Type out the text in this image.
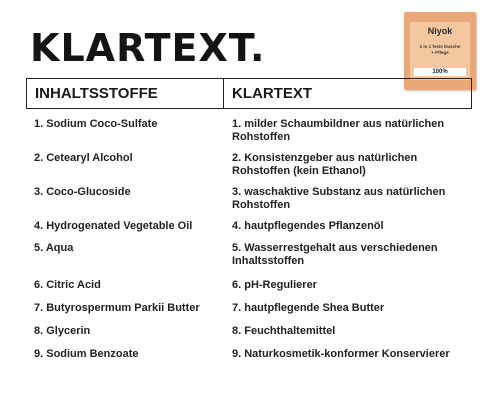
KLARTEXT.	Niyok
2 in 1 feste Dusche
+ Pflege
100%
INHALTSSTOFFE	KLARTEXT
1. Sodium Coco-Sulfate	1. milder Schaumbildner aus natürlichen Rohstoffen
2. Cetearyl Alcohol	2. Konsistenzgeber aus natürlichen Rohstoffen (kein Ethanol)
3. Coco-Glucoside	3. waschaktive Substanz aus natürlichen Rohstoffen
4. Hydrogenated Vegetable Oil	4. hautpflegendes Pflanzenöl
5. Aqua	5. Wasserrestgehalt aus verschiedenen Inhaltsstoffen
6. Citric Acid	6. pH-Regulierer
7. Butyrospermum Parkii Butter	7. hautpflegende Shea Butter
8. Glycerin	8. Feuchthaltemittel
9. Sodium Benzoate	9. Naturkosmetik-konformer Konservierer
